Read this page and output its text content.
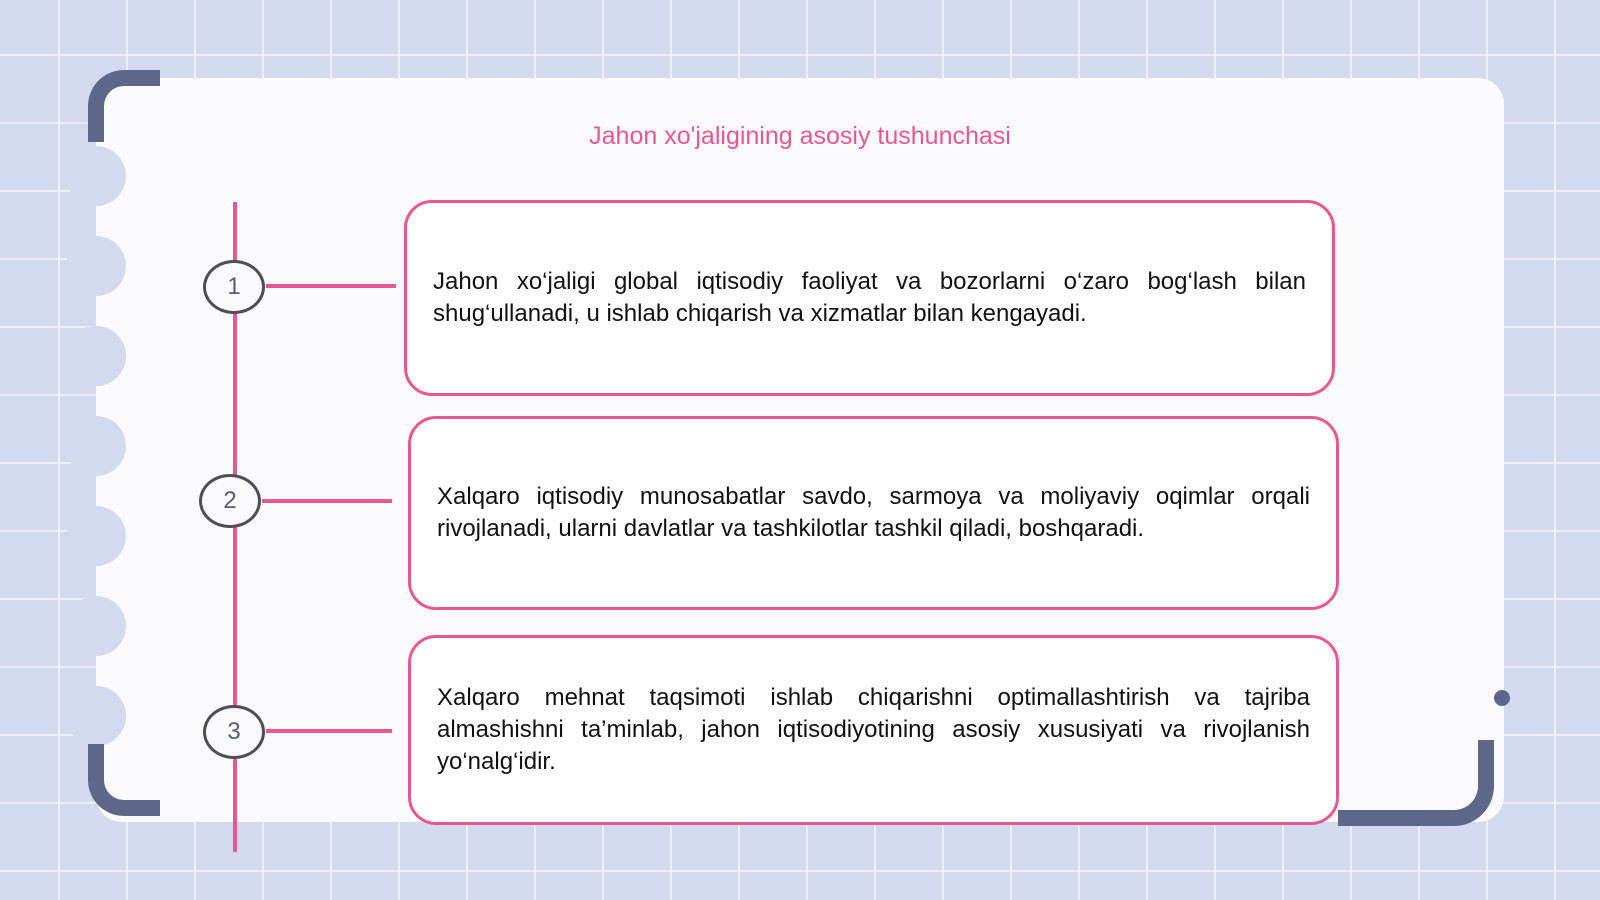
Jahon xo'jaligining asosiy tushunchasi
1	Jahon xo‘jaligi global iqtisodiy faoliyat va bozorlarni o‘zaro bog‘lash bilan shug‘ullanadi, u ishlab chiqarish va xizmatlar bilan kengayadi.

2	Xalqaro iqtisodiy munosabatlar savdo, sarmoya va moliyaviy oqimlar orqali rivojlanadi, ularni davlatlar va tashkilotlar tashkil qiladi, boshqaradi.

3

Xalqaro mehnat taqsimoti ishlab chiqarishni optimallashtirish va tajriba almashishni ta’minlab, jahon iqtisodiyotining asosiy xususiyati va rivojlanish yo‘nalg‘idir.
